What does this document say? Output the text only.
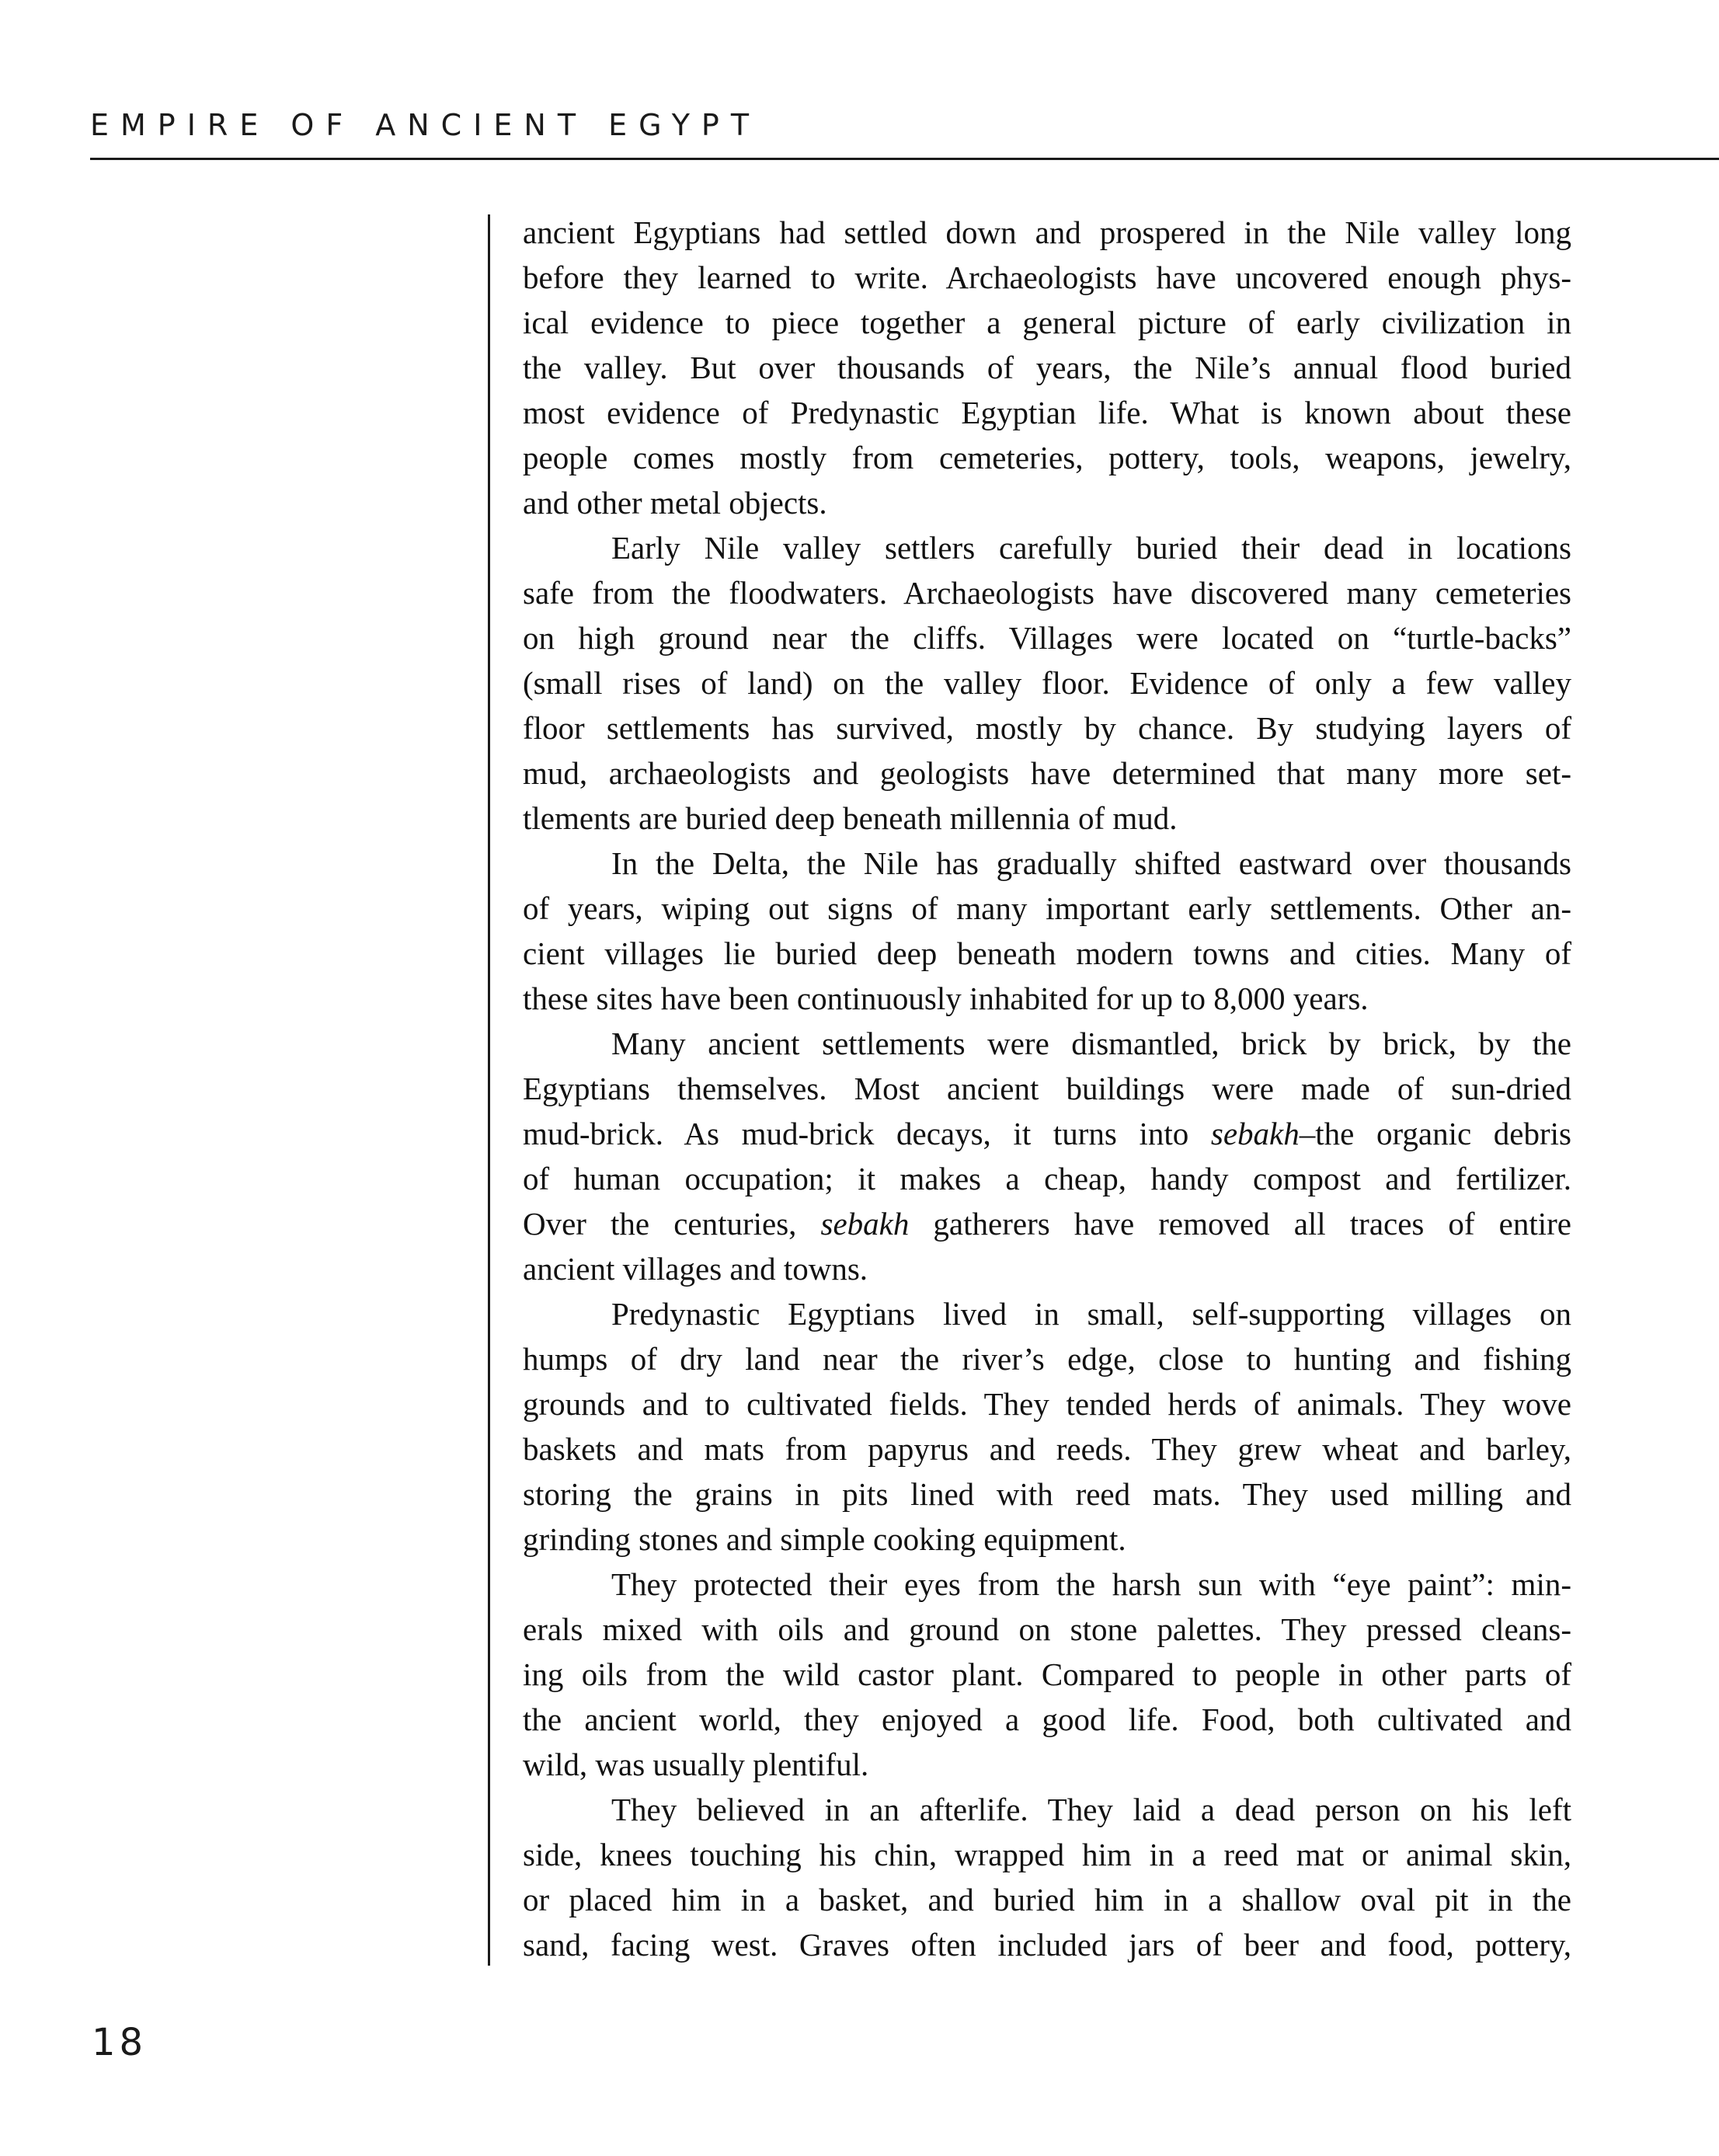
EMPIRE OF ANCIENT EGYPT
ancient Egyptians had settled down and prospered in the Nile valley long
before they learned to write. Archaeologists have uncovered enough phys-
ical evidence to piece together a general picture of early civilization in
the valley. But over thousands of years, the Nile’s annual flood buried
most evidence of Predynastic Egyptian life. What is known about these
people comes mostly from cemeteries, pottery, tools, weapons, jewelry,
and other metal objects.
Early Nile valley settlers carefully buried their dead in locations
safe from the floodwaters. Archaeologists have discovered many cemeteries
on high ground near the cliffs. Villages were located on “turtle-backs”
(small rises of land) on the valley floor. Evidence of only a few valley
floor settlements has survived, mostly by chance. By studying layers of
mud, archaeologists and geologists have determined that many more set-
tlements are buried deep beneath millennia of mud.
In the Delta, the Nile has gradually shifted eastward over thousands
of years, wiping out signs of many important early settlements. Other an-
cient villages lie buried deep beneath modern towns and cities. Many of
these sites have been continuously inhabited for up to 8,000 years.
Many ancient settlements were dismantled, brick by brick, by the
Egyptians themselves. Most ancient buildings were made of sun-dried
mud-brick. As mud-brick decays, it turns into sebakh–the organic debris
of human occupation; it makes a cheap, handy compost and fertilizer.
Over the centuries, sebakh gatherers have removed all traces of entire
ancient villages and towns.
Predynastic Egyptians lived in small, self-supporting villages on
humps of dry land near the river’s edge, close to hunting and fishing
grounds and to cultivated fields. They tended herds of animals. They wove
baskets and mats from papyrus and reeds. They grew wheat and barley,
storing the grains in pits lined with reed mats. They used milling and
grinding stones and simple cooking equipment.
They protected their eyes from the harsh sun with “eye paint”: min-
erals mixed with oils and ground on stone palettes. They pressed cleans-
ing oils from the wild castor plant. Compared to people in other parts of
the ancient world, they enjoyed a good life. Food, both cultivated and
wild, was usually plentiful.
They believed in an afterlife. They laid a dead person on his left
side, knees touching his chin, wrapped him in a reed mat or animal skin,
or placed him in a basket, and buried him in a shallow oval pit in the
sand, facing west. Graves often included jars of beer and food, pottery,
18
